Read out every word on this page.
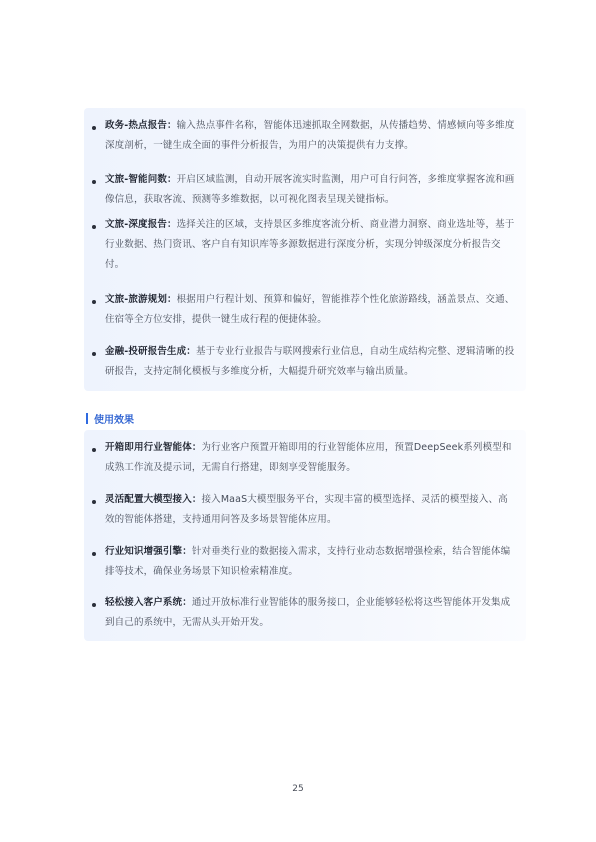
政务-热点报告：输入热点事件名称，智能体迅速抓取全网数据，从传播趋势、情感倾向等多维度深度剖析，一键生成全面的事件分析报告，为用户的决策提供有力支撑。

文旅-智能问数：开启区域监测，自动开展客流实时监测，用户可自行问答，多维度掌握客流和画像信息，获取客流、预测等多维数据，以可视化图表呈现关键指标。

文旅-深度报告：选择关注的区域，支持景区多维度客流分析、商业潜力洞察、商业选址等，基于行业数据、热门资讯、客户自有知识库等多源数据进行深度分析，实现分钟级深度分析报告交付。

文旅-旅游规划：根据用户行程计划、预算和偏好，智能推荐个性化旅游路线，涵盖景点、交通、住宿等全方位安排，提供一键生成行程的便捷体验。

金融-投研报告生成：基于专业行业报告与联网搜索行业信息，自动生成结构完整、逻辑清晰的投研报告，支持定制化模板与多维度分析，大幅提升研究效率与输出质量。

使用效果

开箱即用行业智能体：为行业客户预置开箱即用的行业智能体应用，预置DeepSeek系列模型和成熟工作流及提示词，无需自行搭建，即刻享受智能服务。

灵活配置大模型接入：接入MaaS大模型服务平台，实现丰富的模型选择、灵活的模型接入、高效的智能体搭建，支持通用问答及多场景智能体应用。

行业知识增强引擎：针对垂类行业的数据接入需求，支持行业动态数据增强检索，结合智能体编排等技术，确保业务场景下知识检索精准度。

轻松接入客户系统：通过开放标准行业智能体的服务接口，企业能够轻松将这些智能体开发集成到自己的系统中，无需从头开始开发。

25
